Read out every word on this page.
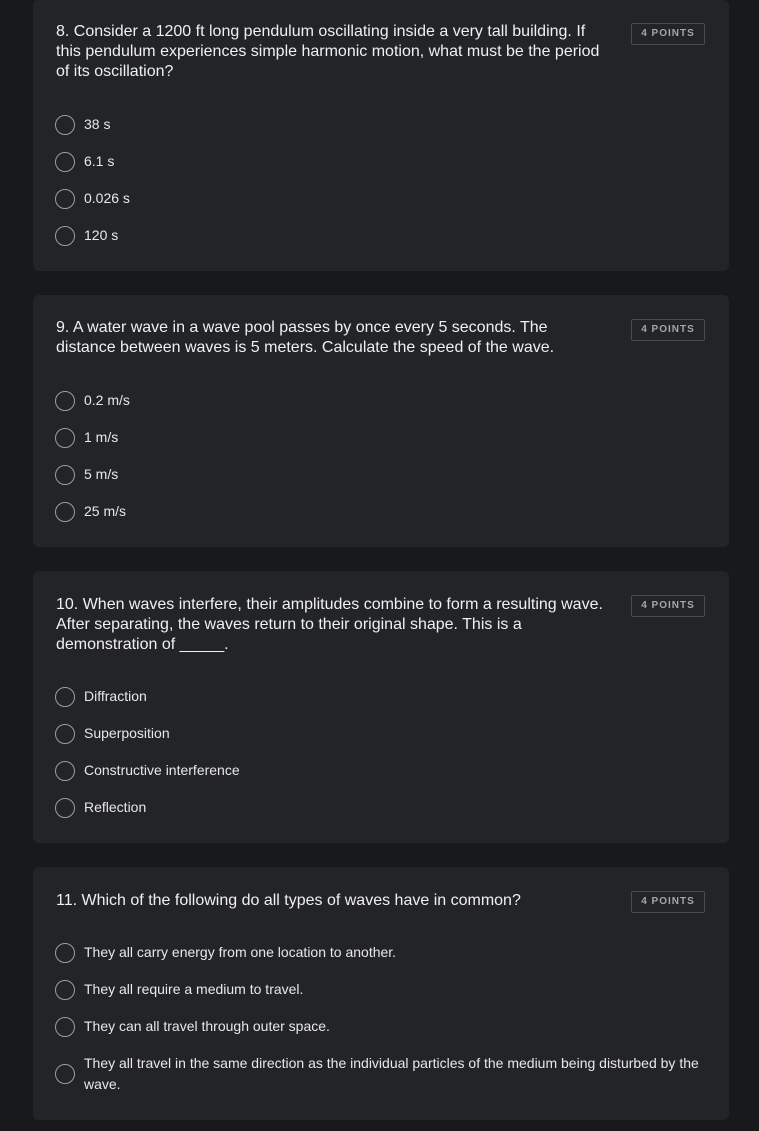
8. Consider a 1200 ft long pendulum oscillating inside a very tall building. If this pendulum experiences simple harmonic motion, what must be the period of its oscillation?
4 POINTS
38 s
6.1 s
0.026 s
120 s
9. A water wave in a wave pool passes by once every 5 seconds. The distance between waves is 5 meters. Calculate the speed of the wave.
4 POINTS
0.2 m/s
1 m/s
5 m/s
25 m/s
10. When waves interfere, their amplitudes combine to form a resulting wave. After separating, the waves return to their original shape. This is a demonstration of _____.
4 POINTS
Diffraction
Superposition
Constructive interference
Reflection
11. Which of the following do all types of waves have in common?	4 POINTS
They all carry energy from one location to another.
They all require a medium to travel.
They can all travel through outer space.
They all travel in the same direction as the individual particles of the medium being disturbed by the wave.
